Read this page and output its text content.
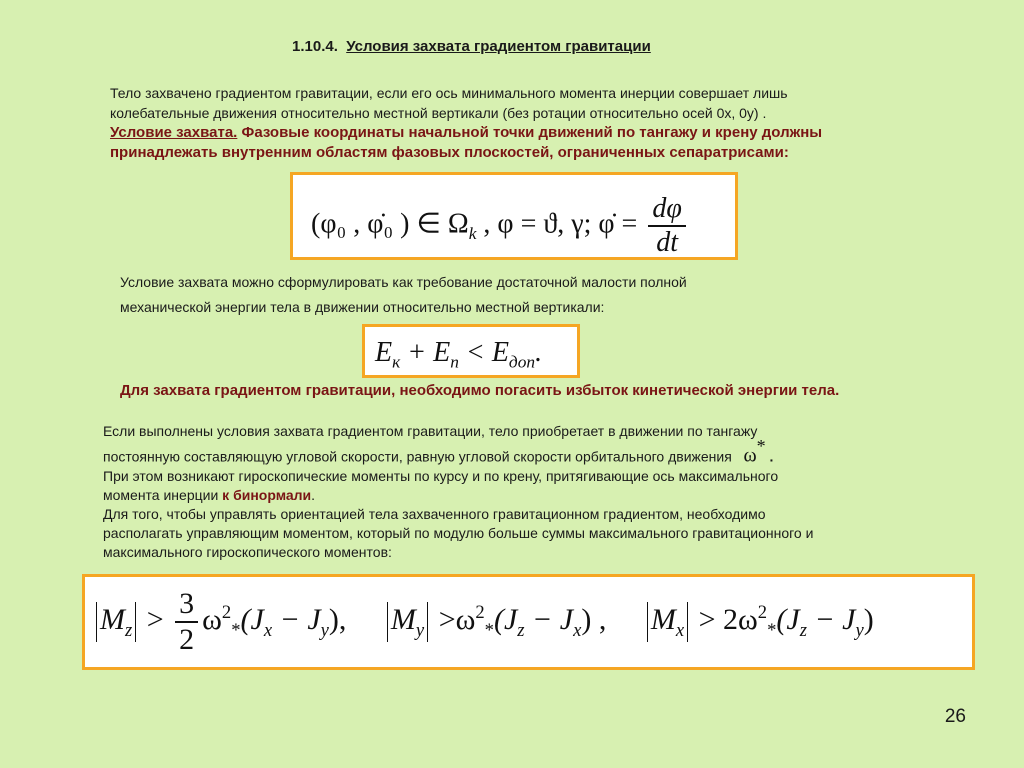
1.10.4. Условия захвата градиентом гравитации
Тело захвачено градиентом гравитации, если его ось минимального момента инерции совершает лишь
колебательные движения относительно местной вертикали (без ротации относительно осей 0x, 0y) .
Условие захвата. Фазовые координаты начальной точки движений по тангажу и крену должны
принадлежать внутренним областям фазовых плоскостей, ограниченных сепаратрисами:
(φ₀ , φ̇₀ ) ∈ $\Omega_k$ , φ = ϑ, γ; φ̇ = $\frac{d\varphi}{dt}$
Условие захвата можно сформулировать как требование достаточной малости полной
механической энергии тела в движении относительно местной вертикали:
$E_к + E_п < E_{доп}$.
Для захвата градиентом гравитации, необходимо погасить избыток кинетической энергии тела.
Если выполнены условия захвата градиентом гравитации, тело приобретает в движении по тангажу
постоянную составляющую угловой скорости, равную угловой скорости орбитального движения ω* .
При этом возникают гироскопические моменты по курсу и по крену, притягивающие ось максимального
момента инерции к бинормали.
Для того, чтобы управлять ориентацией тела захваченного гравитационном градиентом, необходимо
располагать управляющим моментом, который по модулю больше суммы максимального гравитационного и
максимального гироскопического моментов:
$M_z > \frac{3}{2} \omega^2_*(J_x - J_y)$, $M_y >\omega^2_*(J_z - J_x)$ , $M_x > 2\omega^2_*(J_z - J_y)$
26
